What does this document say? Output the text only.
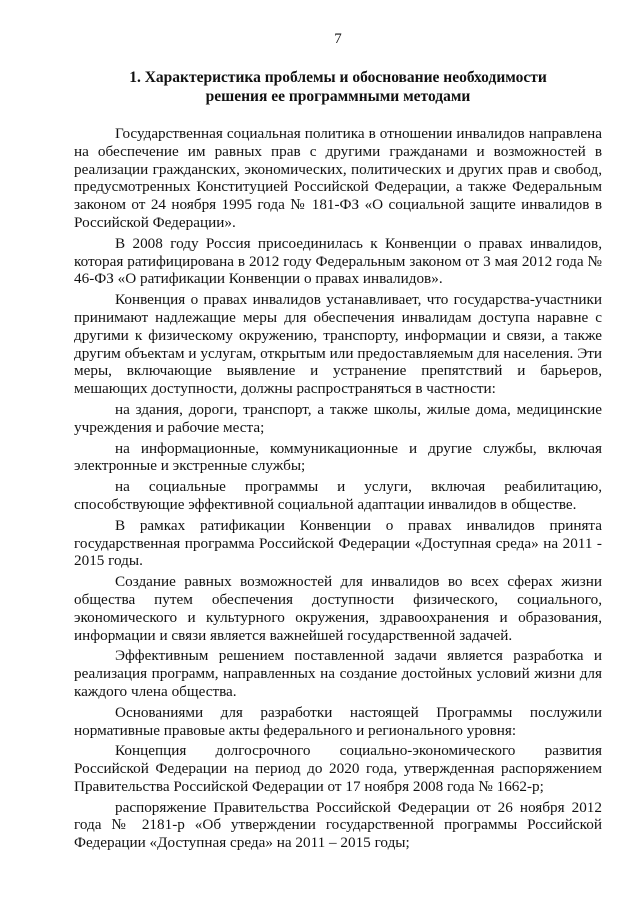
7
1. Характеристика проблемы и обоснование необходимости
решения ее программными методами

Государственная социальная политика в отношении инвалидов направлена на обеспечение им равных прав с другими гражданами и возможностей в реализации гражданских, экономических, политических и других прав и свобод, предусмотренных Конституцией Российской Федерации, а также Федеральным законом от 24 ноября 1995 года № 181-ФЗ «О социальной защите инвалидов в Российской Федерации».

В 2008 году Россия присоединилась к Конвенции о правах инвалидов, которая ратифицирована в 2012 году Федеральным законом от 3 мая 2012 года № 46-ФЗ «О ратификации Конвенции о правах инвалидов».

Конвенция о правах инвалидов устанавливает, что государства-участники принимают надлежащие меры для обеспечения инвалидам доступа наравне с другими к физическому окружению, транспорту, информации и связи, а также другим объектам и услугам, открытым или предоставляемым для населения. Эти меры, включающие выявление и устранение препятствий и барьеров, мешающих доступности, должны распространяться в частности:

на здания, дороги, транспорт, а также школы, жилые дома, медицинские учреждения и рабочие места;

на информационные, коммуникационные и другие службы, включая электронные и экстренные службы;

на социальные программы и услуги, включая реабилитацию, способствующие эффективной социальной адаптации инвалидов в обществе.

В рамках ратификации Конвенции о правах инвалидов принята государственная программа Российской Федерации «Доступная среда» на 2011 - 2015 годы.

Создание равных возможностей для инвалидов во всех сферах жизни общества путем обеспечения доступности физического, социального, экономического и культурного окружения, здравоохранения и образования, информации и связи является важнейшей государственной задачей.

Эффективным решением поставленной задачи является разработка и реализация программ, направленных на создание достойных условий жизни для каждого члена общества.

Основаниями для разработки настоящей Программы послужили нормативные правовые акты федерального и регионального уровня:

Концепция долгосрочного социально-экономического развития Российской Федерации на период до 2020 года, утвержденная распоряжением Правительства Российской Федерации от 17 ноября 2008 года № 1662-р;

распоряжение Правительства Российской Федерации от 26 ноября 2012 года № 2181-р «Об утверждении государственной программы Российской Федерации «Доступная среда» на 2011 – 2015 годы;
